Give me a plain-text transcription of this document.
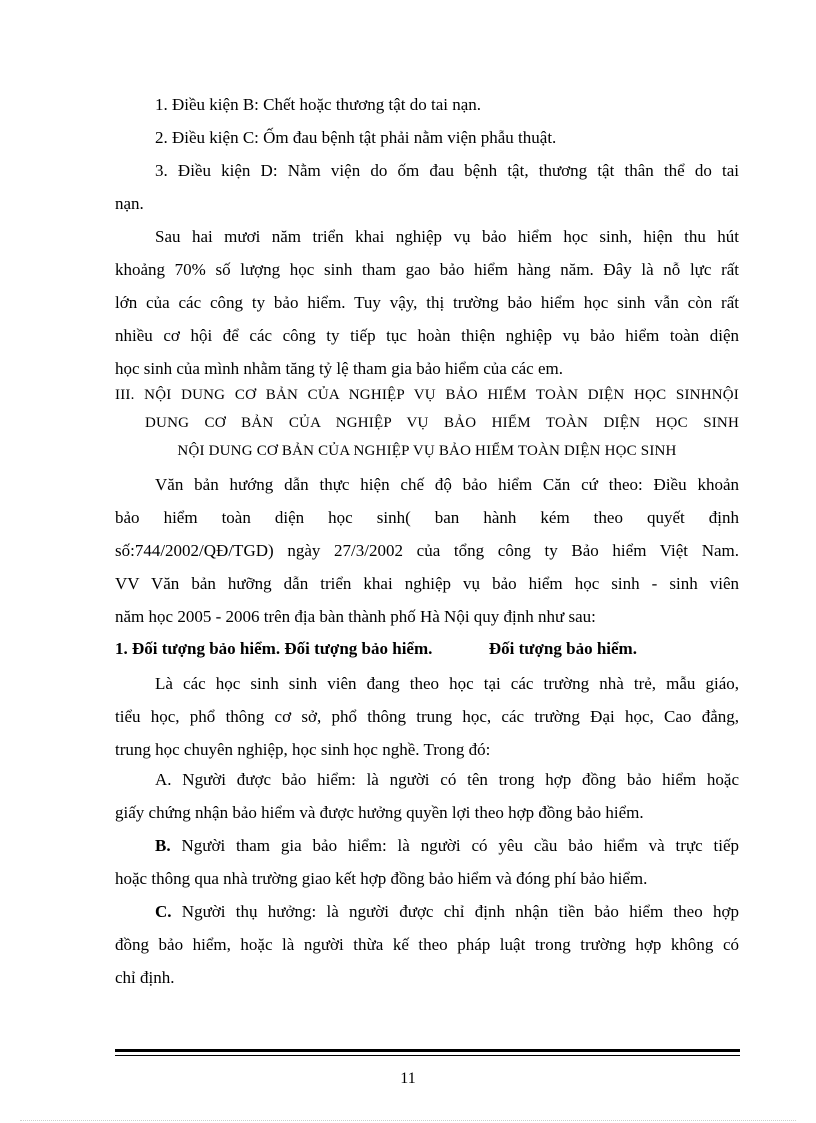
1. Điều kiện B: Chết hoặc thương tật do tai nạn.
2. Điều kiện C: Ốm đau bệnh tật phải nằm viện phẫu thuật.
3. Điều kiện D: Nằm viện do ốm đau bệnh tật, thương tật thân thể do tai
nạn.
Sau hai mươi năm triển khai nghiệp vụ bảo hiểm học sinh, hiện thu hút
khoảng 70% số lượng học sinh tham gao bảo hiểm hàng năm. Đây là nỗ lực rất
lớn của các công ty bảo hiểm. Tuy vậy, thị trường bảo hiểm học sinh vẫn còn rất
nhiều cơ hội để các công ty tiếp tục hoàn thiện nghiệp vụ bảo hiểm toàn diện
học sinh của mình nhằm tăng tỷ lệ tham gia bảo hiểm của các em.
III. NỘI DUNG CƠ BẢN CỦA NGHIỆP VỤ BẢO HIỂM TOÀN DIỆN HỌC SINHNỘI
DUNG CƠ BẢN CỦA NGHIỆP VỤ BẢO HIỂM TOÀN DIỆN HỌC SINH
NỘI DUNG CƠ BẢN CỦA NGHIỆP VỤ BẢO HIỂM TOÀN DIỆN HỌC SINH
Văn bản hướng dẫn thực hiện chế độ bảo hiểm Căn cứ theo: Điều khoản
bảo hiểm toàn diện học sinh( ban hành kém theo quyết định
số:744/2002/QĐ/TGD) ngày 27/3/2002 của tổng công ty Bảo hiểm Việt Nam.
VV Văn bản hưỡng dẫn triển khai nghiệp vụ bảo hiểm học sinh - sinh viên
năm học 2005 - 2006 trên địa bàn thành phố Hà Nội quy định như sau:
1. Đối tượng bảo hiểm. Đối tượng bảo hiểm.	Đối tượng bảo hiểm.
Là các học sinh sinh viên đang theo học tại các trường nhà trẻ, mẫu giáo,
tiểu học, phổ thông cơ sở, phổ thông trung học, các trường Đại học, Cao đẳng,
trung học chuyên nghiệp, học sinh học nghề. Trong đó:
A. Người được bảo hiểm: là người có tên trong hợp đồng bảo hiểm hoặc
giấy chứng nhận bảo hiểm và được hưởng quyền lợi theo hợp đồng bảo hiểm.
B. Người tham gia bảo hiểm: là người có yêu cầu bảo hiểm và trực tiếp
hoặc thông qua nhà trường giao kết hợp đồng bảo hiểm và đóng phí bảo hiểm.
C. Người thụ hưởng: là người được chỉ định nhận tiền bảo hiểm theo hợp
đồng bảo hiểm, hoặc là người thừa kế theo pháp luật trong trường hợp không có
chỉ định.
11
